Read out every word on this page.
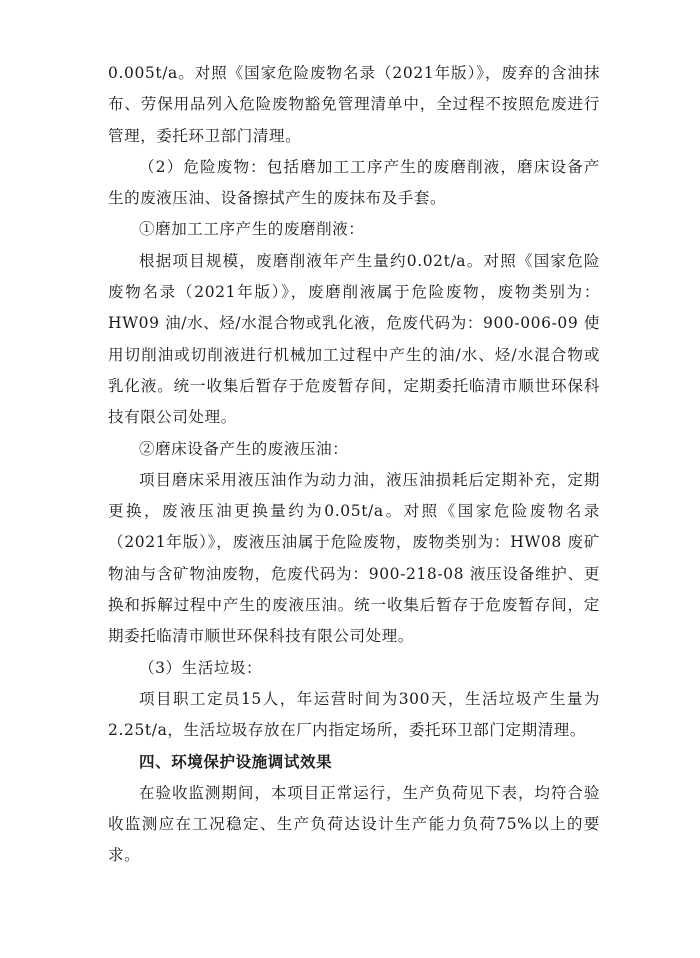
0.005t/a。对照《国家危险废物名录（2021年版）》，废弃的含油抹布、劳保用品列入危险废物豁免管理清单中，全过程不按照危废进行管理，委托环卫部门清理。

（2）危险废物：包括磨加工工序产生的废磨削液，磨床设备产生的废液压油、设备擦拭产生的废抹布及手套。

①磨加工工序产生的废磨削液：

根据项目规模，废磨削液年产生量约0.02t/a。对照《国家危险废物名录（2021年版）》，废磨削液属于危险废物，废物类别为：HW09 油/水、烃/水混合物或乳化液，危废代码为：900-006-09 使用切削油或切削液进行机械加工过程中产生的油/水、烃/水混合物或乳化液。统一收集后暂存于危废暂存间，定期委托临清市顺世环保科技有限公司处理。

②磨床设备产生的废液压油：

项目磨床采用液压油作为动力油，液压油损耗后定期补充，定期更换，废液压油更换量约为0.05t/a。对照《国家危险废物名录（2021年版）》，废液压油属于危险废物，废物类别为：HW08 废矿物油与含矿物油废物，危废代码为：900-218-08 液压设备维护、更换和拆解过程中产生的废液压油。统一收集后暂存于危废暂存间，定期委托临清市顺世环保科技有限公司处理。

（3）生活垃圾：

项目职工定员15人，年运营时间为300天，生活垃圾产生量为2.25t/a，生活垃圾存放在厂内指定场所，委托环卫部门定期清理。

四、环境保护设施调试效果

在验收监测期间，本项目正常运行，生产负荷见下表，均符合验收监测应在工况稳定、生产负荷达设计生产能力负荷75%以上的要求。
